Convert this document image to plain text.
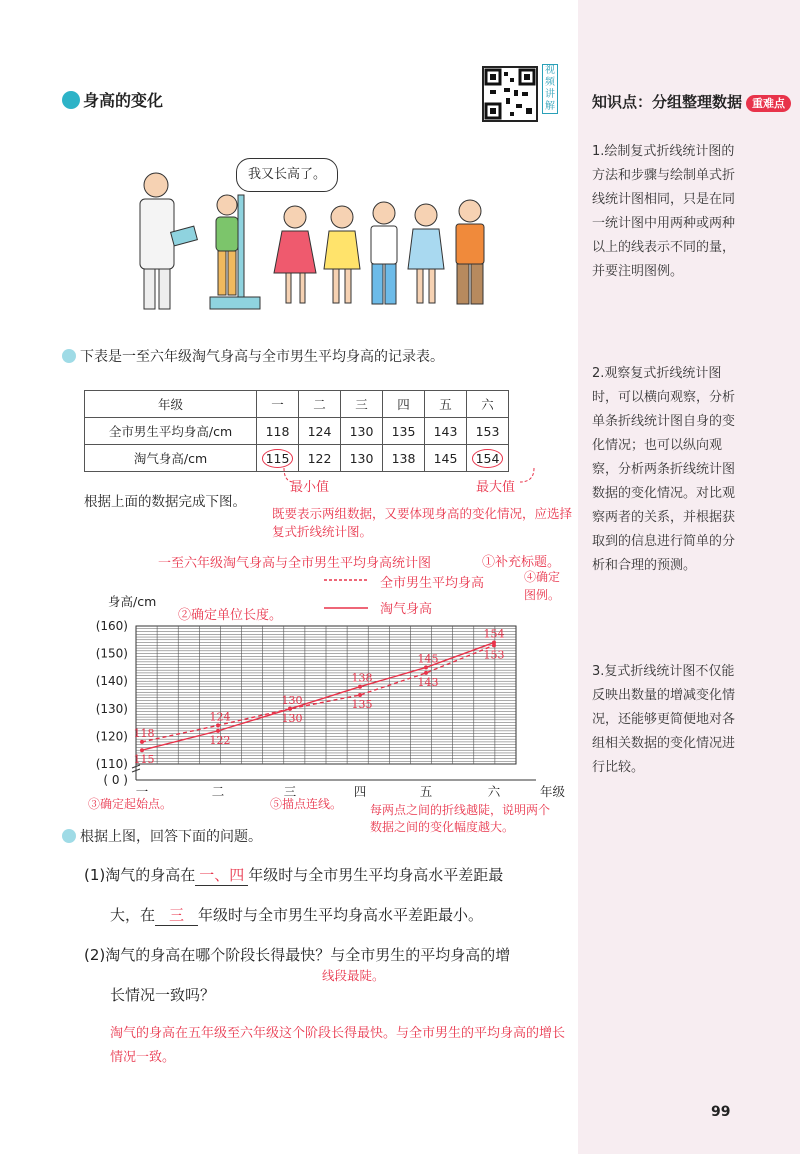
知识点：分组整理数据 重难点
1.绘制复式折线统计图的方法和步骤与绘制单式折线统计图相同，只是在同一统计图中用两种或两种以上的线表示不同的量，并要注明图例。
2.观察复式折线统计图时，可以横向观察，分析单条折线统计图自身的变化情况；也可以纵向观察，分析两条折线统计图数据的变化情况。对比观察两者的关系，并根据获取到的信息进行简单的分析和合理的预测。
3.复式折线统计图不仅能反映出数量的增减变化情况，还能够更简便地对各组相关数据的变化情况进行比较。
身高的变化
视频讲解
我又长高了。
下表是一至六年级淘气身高与全市男生平均身高的记录表。
年级	一	二	三	四	五	六
全市男生平均身高/cm	118	124	130	135	143	153
淘气身高/cm	115	122	130	138	145	154
最小值	最大值
根据上面的数据完成下图。
既要表示两组数据，又要体现身高的变化情况，应选择复式折线统计图。
一至六年级淘气身高与全市男生平均身高统计图	①补充标题。
②确定单位长度。
③确定起始点。
④确定图例。
⑤描点连线。 每两点之间的折线越陡，说明两个数据之间的变化幅度越大。
全市男生平均身高
淘气身高
身高/cm
(160)
(150)
(140)
(130)
(120)
(110)
( 0 )
一	二	三	四	五	六
118
124
130	135
143
153
115
122
130
138
145
154
年级
根据上图，回答下面的问题。
(1)淘气的身高在 一、四 年级时与全市男生平均身高水平差距最
大，在 三 年级时与全市男生平均身高水平差距最小。
(2)淘气的身高在哪个阶段长得最快？与全市男生的平均身高的增
长情况一致吗？
线段最陡。
淘气的身高在五年级至六年级这个阶段长得最快。与全市男生的平均身高的增长情况一致。
99
